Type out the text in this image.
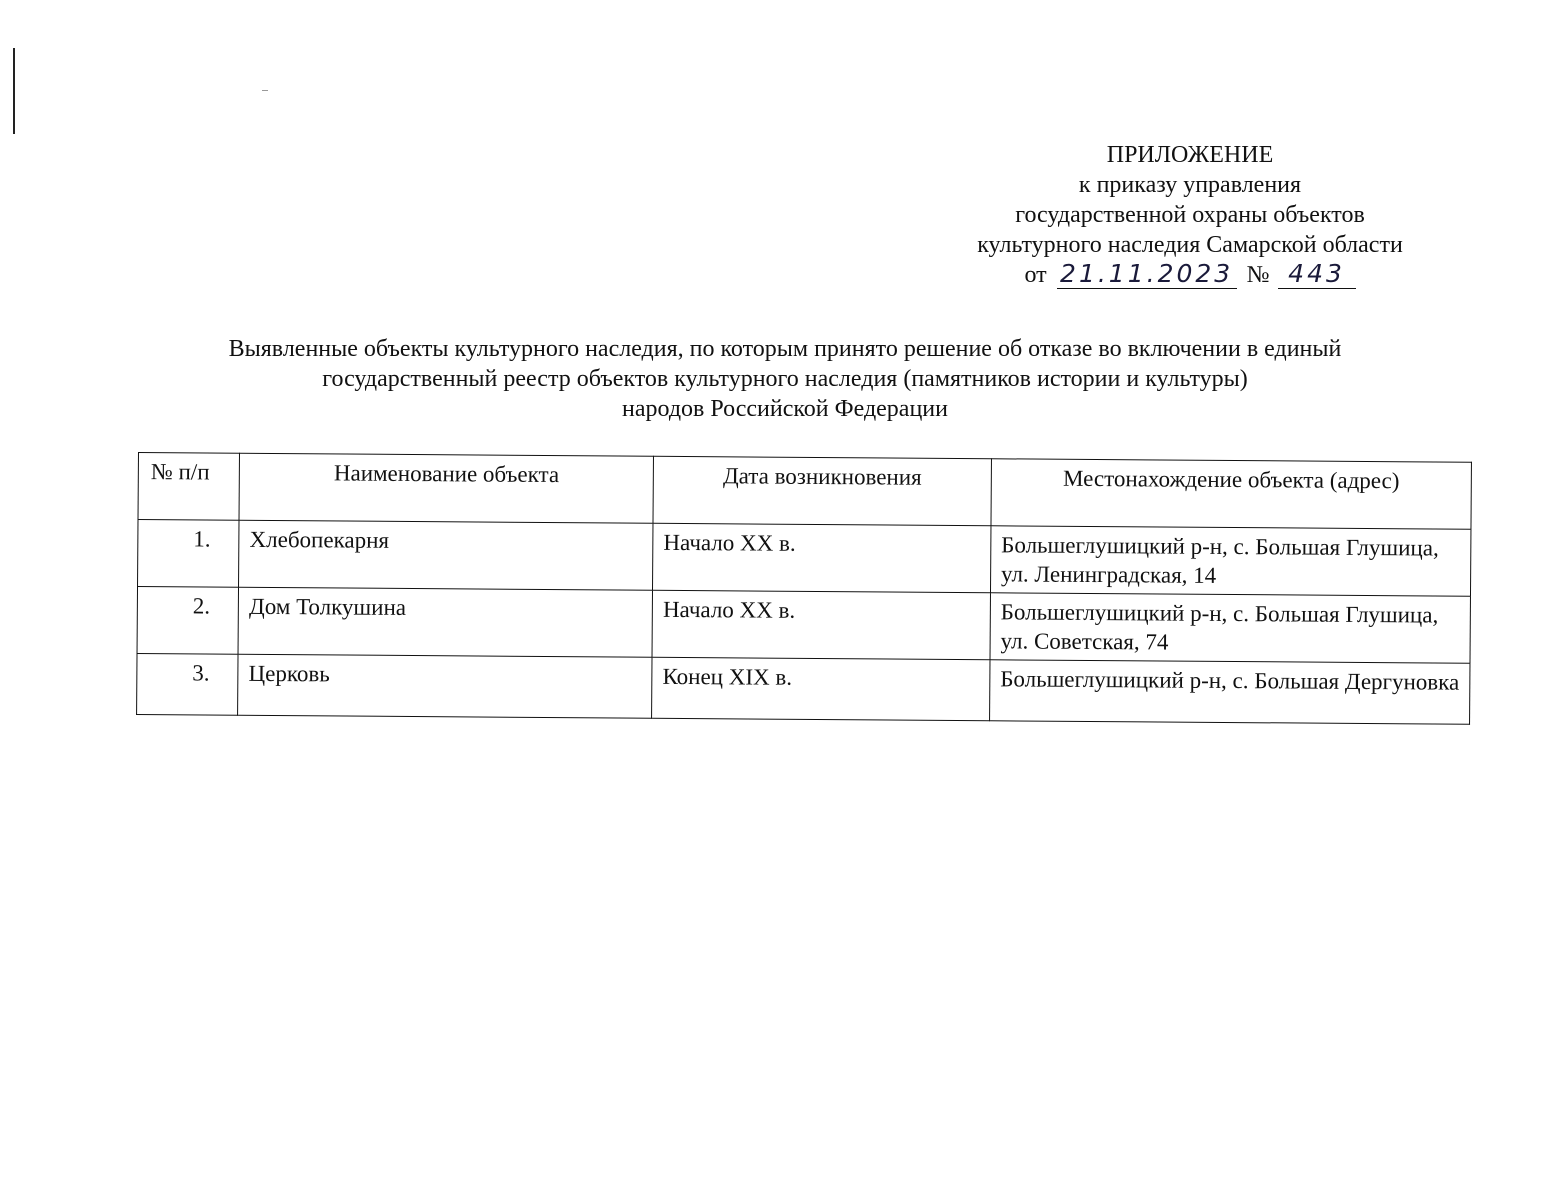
ПРИЛОЖЕНИЕ
к приказу управления
государственной охраны объектов
культурного наследия Самарской области
от 21.11.2023 № 443
Выявленные объекты культурного наследия, по которым принято решение об отказе во включении в единый
государственный реестр объектов культурного наследия (памятников истории и культуры)
народов Российской Федерации
№ п/п	Наименование объекта	Дата возникновения	Местонахождение объекта (адрес)
1.	Хлебопекарня	Начало XX в.	Большеглушицкий р-н, с. Большая Глушица, ул. Ленинградская, 14
2.	Дом Толкушина	Начало XX в.	Большеглушицкий р-н, с. Большая Глушица, ул. Советская, 74
3.	Церковь	Конец XIX в.	Большеглушицкий р-н, с. Большая Дергуновка
